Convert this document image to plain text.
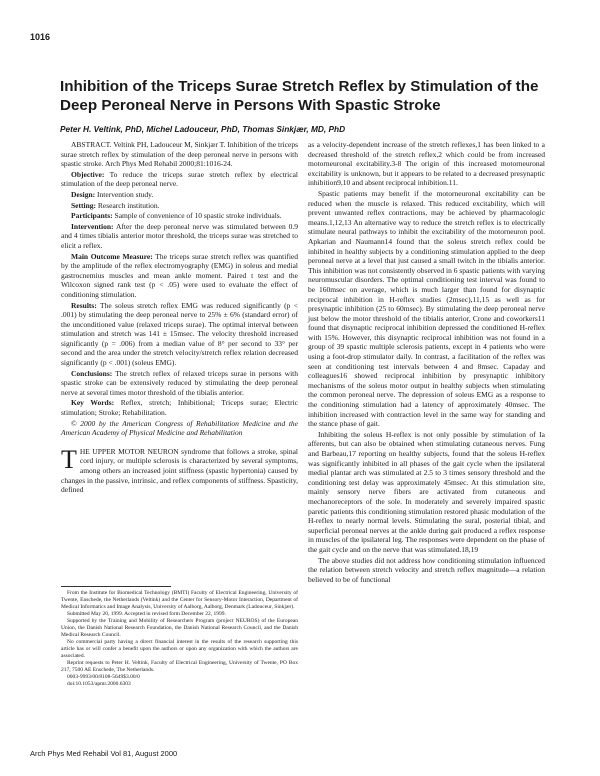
1016
Inhibition of the Triceps Surae Stretch Reflex by Stimulation of the Deep Peroneal Nerve in Persons With Spastic Stroke
Peter H. Veltink, PhD, Michel Ladouceur, PhD, Thomas Sinkjær, MD, PhD

ABSTRACT. Veltink PH, Ladouceur M, Sinkjær T. Inhibition of the triceps surae stretch reflex by stimulation of the deep peroneal nerve in persons with spastic stroke. Arch Phys Med Rehabil 2000;81:1016-24.

Objective: To reduce the triceps surae stretch reflex by electrical stimulation of the deep peroneal nerve.

Design: Intervention study.

Setting: Research institution.

Participants: Sample of convenience of 10 spastic stroke individuals.

Intervention: After the deep peroneal nerve was stimulated between 0.9 and 4 times tibialis anterior motor threshold, the triceps surae was stretched to elicit a reflex.

Main Outcome Measure: The triceps surae stretch reflex was quantified by the amplitude of the reflex electromyography (EMG) in soleus and medial gastrocnemius muscles and mean ankle moment. Paired t test and the Wilcoxon signed rank test (p < .05) were used to evaluate the effect of conditioning stimulation.

Results: The soleus stretch reflex EMG was reduced significantly (p < .001) by stimulating the deep peroneal nerve to 25% ± 6% (standard error) of the unconditioned value (relaxed triceps surae). The optimal interval between stimulation and stretch was 141 ± 15msec. The velocity threshold increased significantly (p = .006) from a median value of 8° per second to 33° per second and the area under the stretch velocity/stretch reflex relation decreased significantly (p < .001) (soleus EMG).

Conclusions: The stretch reflex of relaxed triceps surae in persons with spastic stroke can be extensively reduced by stimulating the deep peroneal nerve at several times motor threshold of the tibialis anterior.

Key Words: Reflex, stretch; Inhibitional; Triceps surae; Electric stimulation; Stroke; Rehabilitation.

© 2000 by the American Congress of Rehabilitation Medicine and the American Academy of Physical Medicine and Rehabilitation

THE UPPER MOTOR NEURON syndrome that follows a stroke, spinal cord injury, or multiple sclerosis is characterized by several symptoms, among others an increased joint stiffness (spastic hypertonia) caused by changes in the passive, intrinsic, and reflex components of stiffness. Spasticity, defined

From the Institute for Biomedical Technology (BMTI) Faculty of Electrical Engineering, University of Twente, Enschede, the Netherlands (Veltink) and the Center for Sensory-Motor Interaction, Department of Medical Informatics and Image Analysis, University of Aalborg, Aalborg, Denmark (Ladouceur, Sinkjær).

Submitted May 20, 1999. Accepted in revised form December 22, 1999.

Supported by the Training and Mobility of Researchers Program (project NEUROS) of the European Union, the Danish National Research Foundation, the Danish National Research Council, and the Danish Medical Research Council.

No commercial party having a direct financial interest in the results of the research supporting this article has or will confer a benefit upon the authors or upon any organization with which the authors are associated.

Reprint requests to Peter H. Veltink, Faculty of Electrical Engineering, University of Twente, PO Box 217, 7500 AE Enschede, The Netherlands.

0003-9993/00/8108-5649$3.00/0

doi:10.1053/apmr.2000.6303

as a velocity-dependent increase of the stretch reflexes,1 has been linked to a decreased threshold of the stretch reflex,2 which could be from increased motorneuronal excitability.3-8 The origin of this increased motorneuronal excitability is unknown, but it appears to be related to a decreased presynaptic inhibition9,10 and absent reciprocal inhibition.11.

Spastic patients may benefit if the motorneuronal excitability can be reduced when the muscle is relaxed. This reduced excitability, which will prevent unwanted reflex contractions, may be achieved by pharmacologic means.1,12,13 An alternative way to reduce the stretch reflex is to electrically stimulate neural pathways to inhibit the excitability of the motorneuron pool. Apkarian and Naumann14 found that the soleus stretch reflex could be inhibited in healthy subjects by a conditioning stimulation applied to the deep peroneal nerve at a level that just caused a small twitch in the tibialis anterior. This inhibition was not consistently observed in 6 spastic patients with varying neuromuscular disorders. The optimal conditioning test interval was found to be 160msec on average, which is much larger than found for disynaptic reciprocal inhibition in H-reflex studies (2msec),11,15 as well as for presynaptic inhibition (25 to 60msec). By stimulating the deep peroneal nerve just below the motor threshold of the tibialis anterior, Crone and coworkers11 found that disynaptic reciprocal inhibition depressed the conditioned H-reflex with 15%. However, this disynaptic reciprocal inhibition was not found in a group of 39 spastic multiple sclerosis patients, except in 4 patients who were using a foot-drop stimulator daily. In contrast, a facilitation of the reflex was seen at conditioning test intervals between 4 and 8msec. Capaday and colleagues16 showed reciprocal inhibition by presynaptic inhibitory mechanisms of the soleus motor output in healthy subjects when stimulating the common peroneal nerve. The depression of soleus EMG as a response to the conditioning stimulation had a latency of approximately 40msec. The inhibition increased with contraction level in the same way for standing and the stance phase of gait.

Inhibiting the soleus H-reflex is not only possible by stimulation of Ia afferents, but can also be obtained when stimulating cutaneous nerves. Fung and Barbeau,17 reporting on healthy subjects, found that the soleus H-reflex was significantly inhibited in all phases of the gait cycle when the ipsilateral medial plantar arch was stimulated at 2.5 to 3 times sensory threshold and the conditioning test delay was approximately 45msec. At this stimulation site, mainly sensory nerve fibers are activated from cutaneous and mechanoreceptors of the sole. In moderately and severely impaired spastic paretic patients this conditioning stimulation restored phasic modulation of the H-reflex to nearly normal levels. Stimulating the sural, posterial tibial, and superficial peroneal nerves at the ankle during gait produced a reflex response in muscles of the ipsilateral leg. The responses were dependent on the phase of the gait cycle and on the nerve that was stimulated.18,19

The above studies did not address how conditioning stimulation influenced the relation between stretch velocity and stretch reflex magnitude—a relation believed to be of functional

Arch Phys Med Rehabil Vol 81, August 2000
